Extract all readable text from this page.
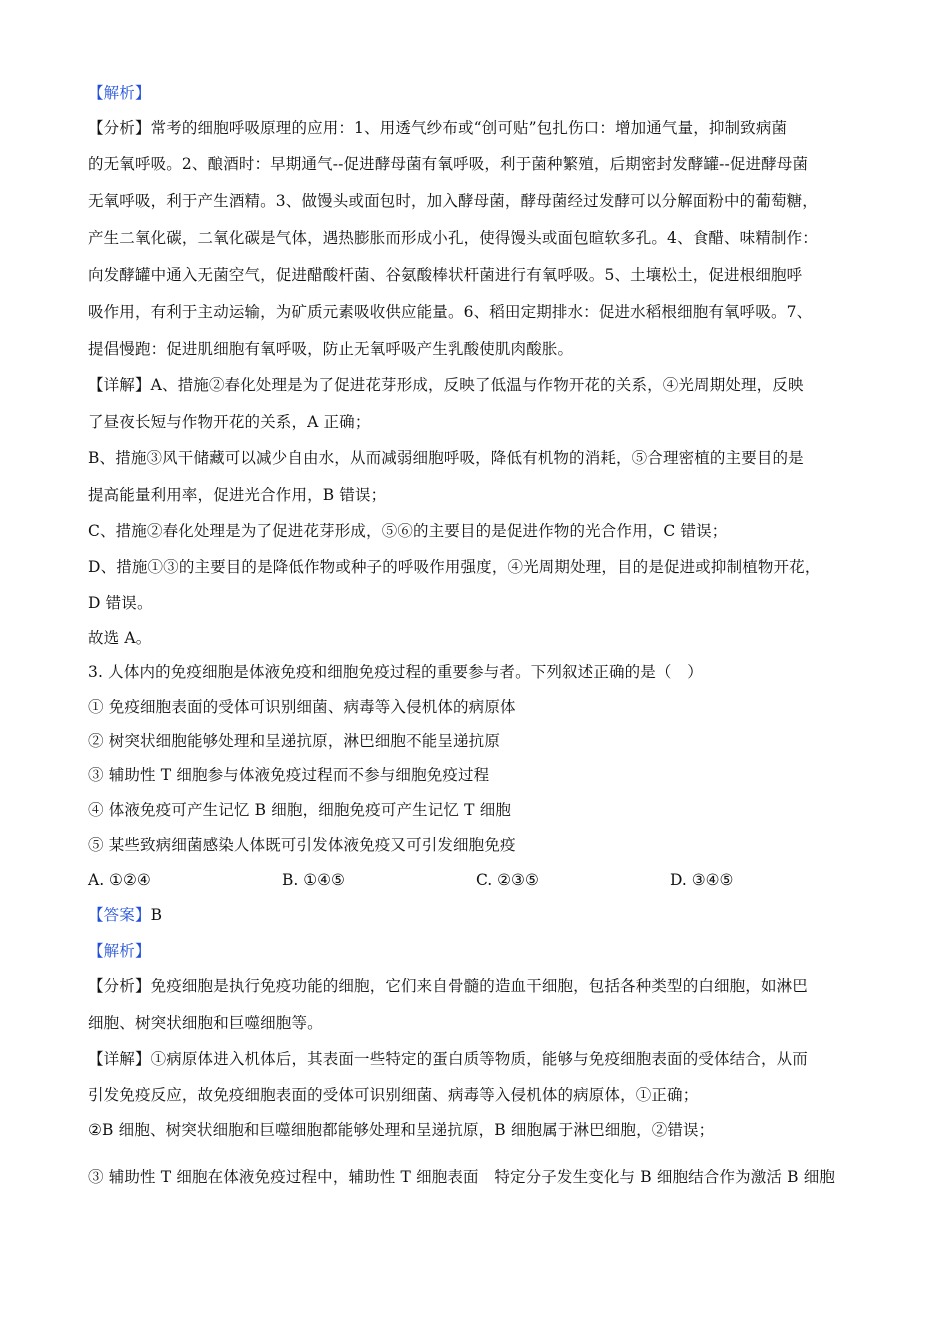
【解析】
【分析】常考的细胞呼吸原理的应用：1、用透气纱布或“创可贴”包扎伤口：增加通气量，抑制致病菌
的无氧呼吸。2、酿酒时：早期通气--促进酵母菌有氧呼吸，利于菌种繁殖，后期密封发酵罐--促进酵母菌
无氧呼吸，利于产生酒精。3、做馒头或面包时，加入酵母菌，酵母菌经过发酵可以分解面粉中的葡萄糖，
产生二氧化碳，二氧化碳是气体，遇热膨胀而形成小孔，使得馒头或面包暄软多孔。4、食醋、味精制作：
向发酵罐中通入无菌空气，促进醋酸杆菌、谷氨酸棒状杆菌进行有氧呼吸。5、土壤松土，促进根细胞呼
吸作用，有利于主动运输，为矿质元素吸收供应能量。6、稻田定期排水：促进水稻根细胞有氧呼吸。7、
提倡慢跑：促进肌细胞有氧呼吸，防止无氧呼吸产生乳酸使肌肉酸胀。
【详解】A、措施②春化处理是为了促进花芽形成，反映了低温与作物开花的关系，④光周期处理，反映
了昼夜长短与作物开花的关系，A 正确；
B、措施③风干储藏可以减少自由水，从而减弱细胞呼吸，降低有机物的消耗，⑤合理密植的主要目的是
提高能量利用率，促进光合作用，B 错误；
C、措施②春化处理是为了促进花芽形成，⑤⑥的主要目的是促进作物的光合作用，C 错误；
D、措施①③的主要目的是降低作物或种子的呼吸作用强度，④光周期处理，目的是促进或抑制植物开花，
D 错误。
故选 A。
3. 人体内的免疫细胞是体液免疫和细胞免疫过程的重要参与者。下列叙述正确的是（　）
① 免疫细胞表面的受体可识别细菌、病毒等入侵机体的病原体
② 树突状细胞能够处理和呈递抗原，淋巴细胞不能呈递抗原
③ 辅助性 T 细胞参与体液免疫过程而不参与细胞免疫过程
④ 体液免疫可产生记忆 B 细胞，细胞免疫可产生记忆 T 细胞
⑤ 某些致病细菌感染人体既可引发体液免疫又可引发细胞免疫
A. ①②④	B. ①④⑤	C. ②③⑤	D. ③④⑤
【答案】B
【解析】
【分析】免疫细胞是执行免疫功能的细胞，它们来自骨髓的造血干细胞，包括各种类型的白细胞，如淋巴
细胞、树突状细胞和巨噬细胞等。
【详解】①病原体进入机体后，其表面一些特定的蛋白质等物质，能够与免疫细胞表面的受体结合，从而
引发免疫反应，故免疫细胞表面的受体可识别细菌、病毒等入侵机体的病原体，①正确；
②B 细胞、树突状细胞和巨噬细胞都能够处理和呈递抗原，B 细胞属于淋巴细胞，②错误；
③ 辅助性 T 细胞在体液免疫过程中，辅助性 T 细胞表面　特定分子发生变化与 B 细胞结合作为激活 B 细胞
